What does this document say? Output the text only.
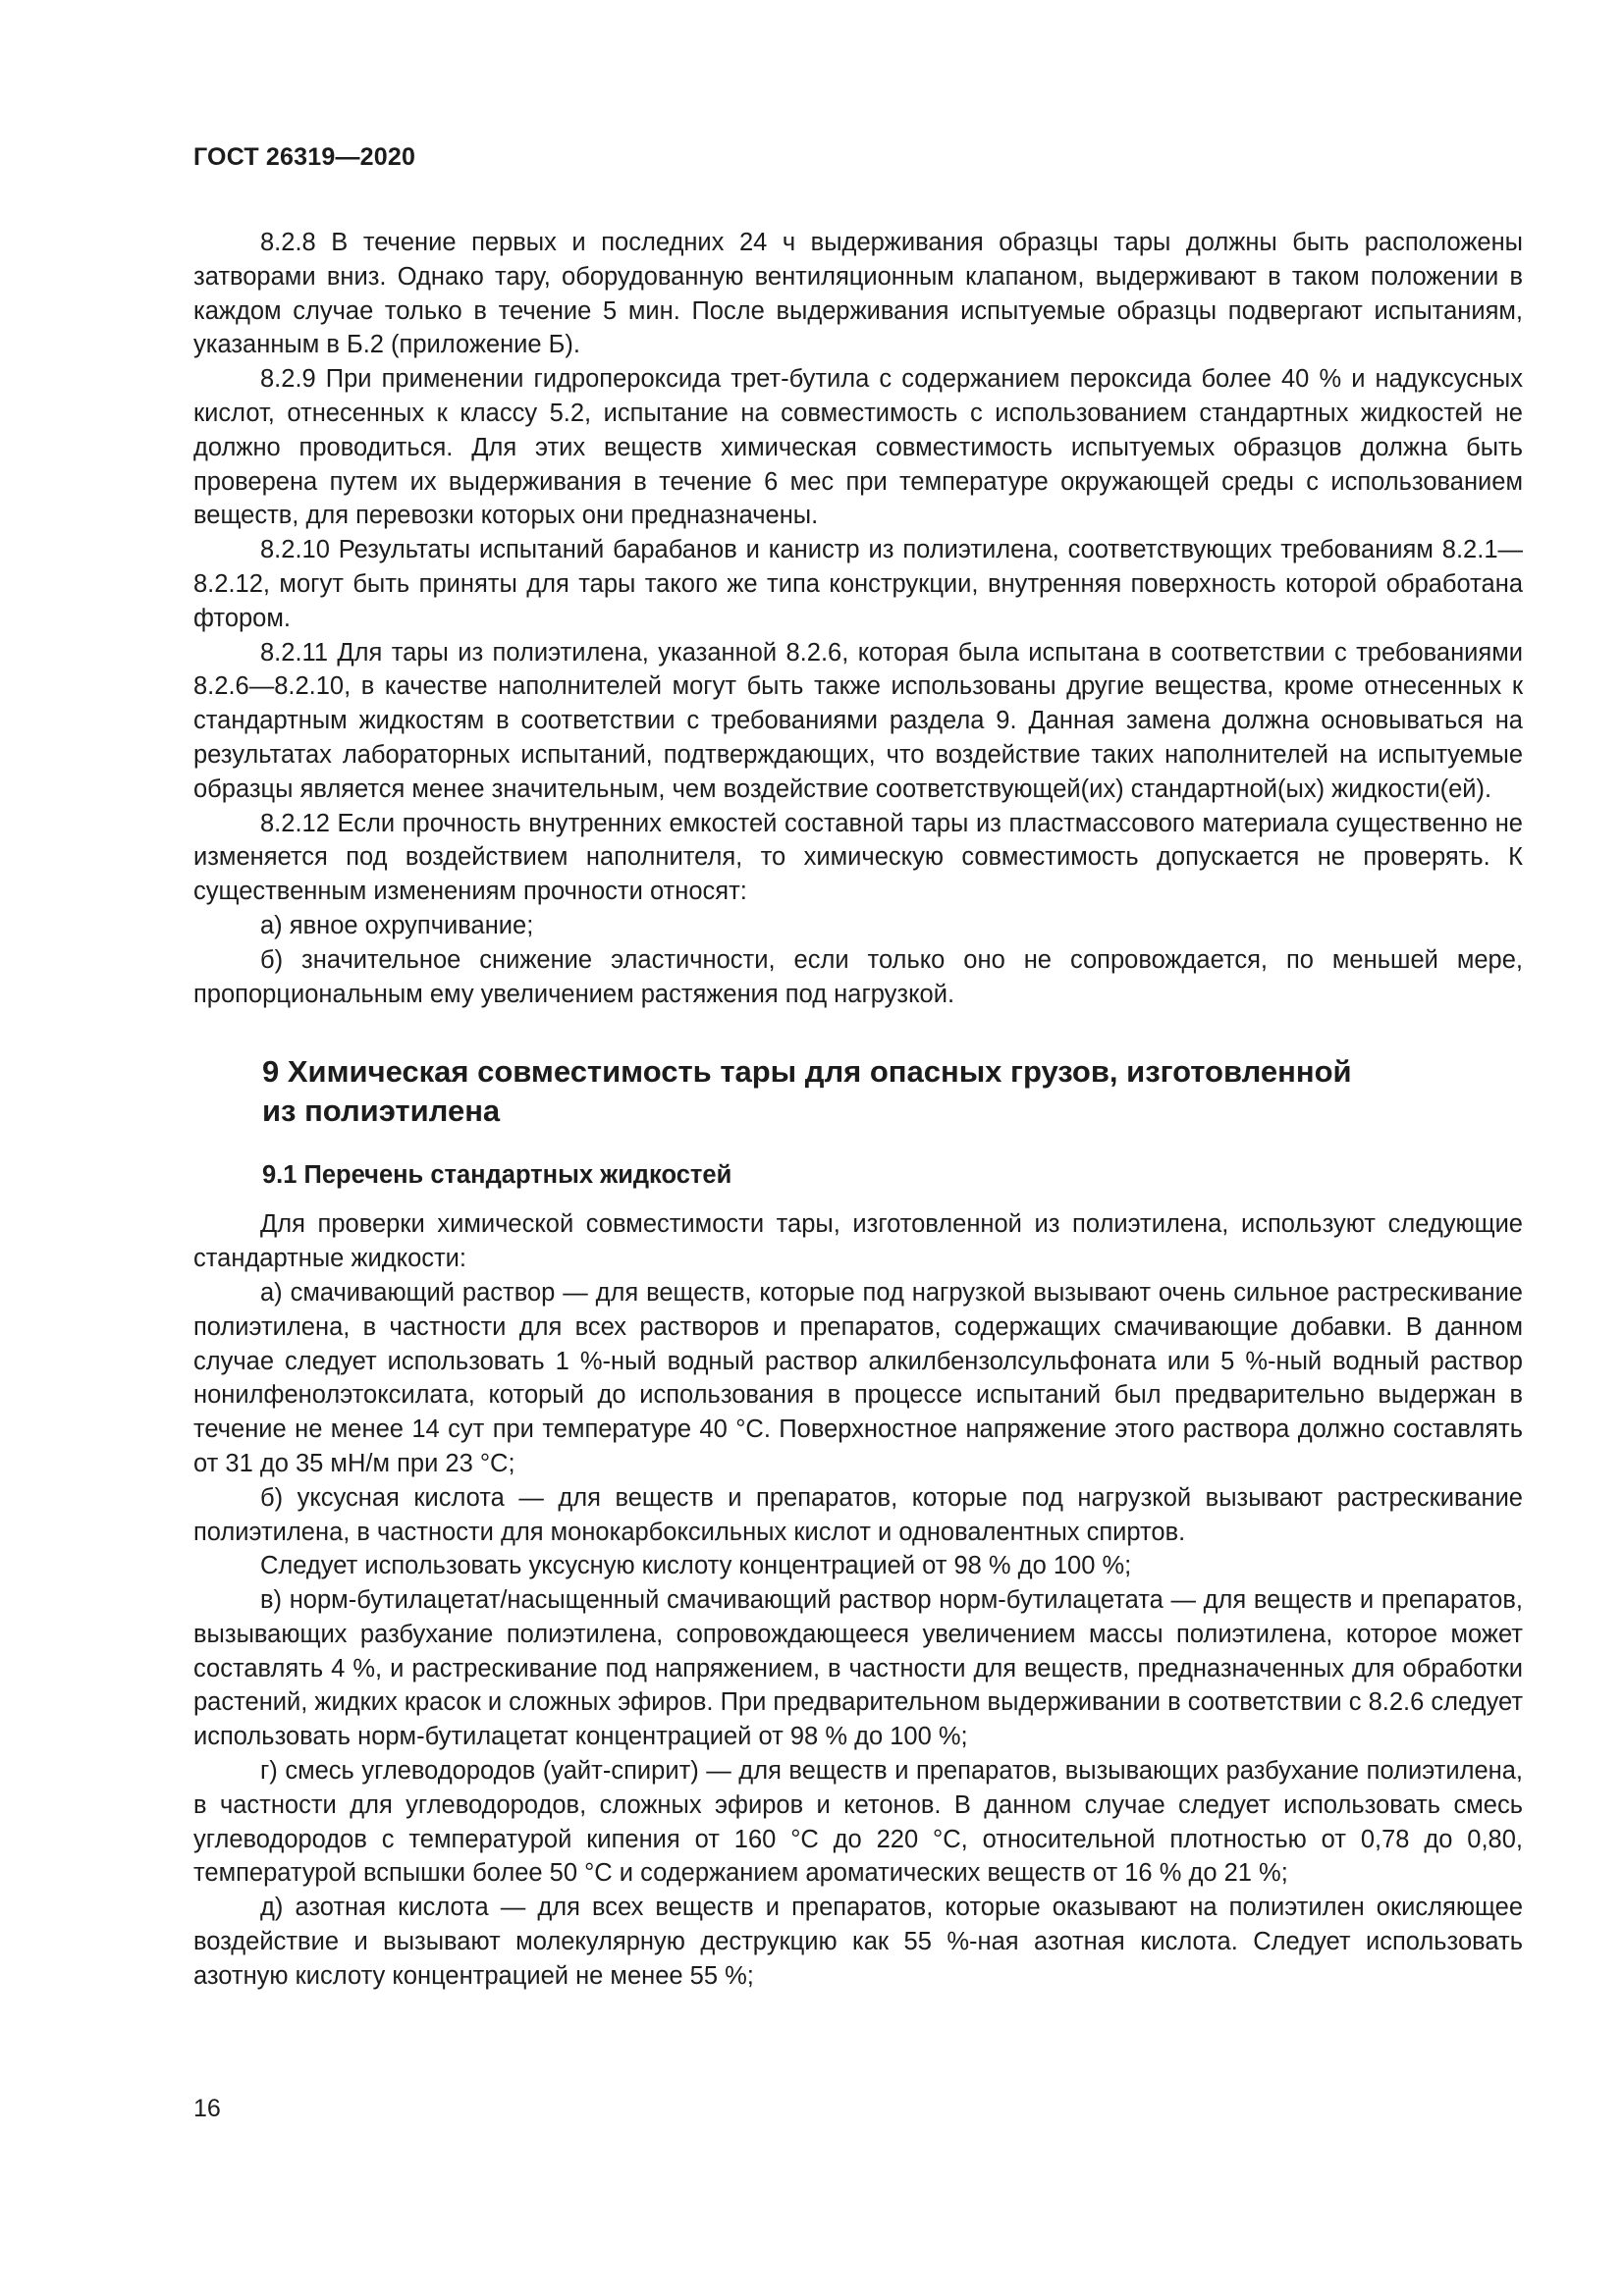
ГОСТ 26319—2020

8.2.8 В течение первых и последних 24 ч выдерживания образцы тары должны быть расположены затворами вниз. Однако тару, оборудованную вентиляционным клапаном, выдерживают в таком положении в каждом случае только в течение 5 мин. После выдерживания испытуемые образцы подвергают испытаниям, указанным в Б.2 (приложение Б).

8.2.9 При применении гидропероксида трет-бутила с содержанием пероксида более 40 % и надуксусных кислот, отнесенных к классу 5.2, испытание на совместимость с использованием стандартных жидкостей не должно проводиться. Для этих веществ химическая совместимость испытуемых образцов должна быть проверена путем их выдерживания в течение 6 мес при температуре окружающей среды с использованием веществ, для перевозки которых они предназначены.

8.2.10 Результаты испытаний барабанов и канистр из полиэтилена, соответствующих требованиям 8.2.1—8.2.12, могут быть приняты для тары такого же типа конструкции, внутренняя поверхность которой обработана фтором.

8.2.11 Для тары из полиэтилена, указанной 8.2.6, которая была испытана в соответствии с требованиями 8.2.6—8.2.10, в качестве наполнителей могут быть также использованы другие вещества, кроме отнесенных к стандартным жидкостям в соответствии с требованиями раздела 9. Данная замена должна основываться на результатах лабораторных испытаний, подтверждающих, что воздействие таких наполнителей на испытуемые образцы является менее значительным, чем воздействие соответствующей(их) стандартной(ых) жидкости(ей).

8.2.12 Если прочность внутренних емкостей составной тары из пластмассового материала существенно не изменяется под воздействием наполнителя, то химическую совместимость допускается не проверять. К существенным изменениям прочности относят:

а) явное охрупчивание;

б) значительное снижение эластичности, если только оно не сопровождается, по меньшей мере, пропорциональным ему увеличением растяжения под нагрузкой.

9 Химическая совместимость тары для опасных грузов, изготовленной из полиэтилена
9.1 Перечень стандартных жидкостей

Для проверки химической совместимости тары, изготовленной из полиэтилена, используют следующие стандартные жидкости:

а) смачивающий раствор — для веществ, которые под нагрузкой вызывают очень сильное растрескивание полиэтилена, в частности для всех растворов и препаратов, содержащих смачивающие добавки. В данном случае следует использовать 1 %-ный водный раствор алкилбензолсульфоната или 5 %-ный водный раствор нонилфенолэтоксилата, который до использования в процессе испытаний был предварительно выдержан в течение не менее 14 сут при температуре 40 °С. Поверхностное напряжение этого раствора должно составлять от 31 до 35 мН/м при 23 °С;

б) уксусная кислота — для веществ и препаратов, которые под нагрузкой вызывают растрескивание полиэтилена, в частности для монокарбоксильных кислот и одновалентных спиртов.

Следует использовать уксусную кислоту концентрацией от 98 % до 100 %;

в) норм-бутилацетат/насыщенный смачивающий раствор норм-бутилацетата — для веществ и препаратов, вызывающих разбухание полиэтилена, сопровождающееся увеличением массы полиэтилена, которое может составлять 4 %, и растрескивание под напряжением, в частности для веществ, предназначенных для обработки растений, жидких красок и сложных эфиров. При предварительном выдерживании в соответствии с 8.2.6 следует использовать норм-бутилацетат концентрацией от 98 % до 100 %;

г) смесь углеводородов (уайт-спирит) — для веществ и препаратов, вызывающих разбухание полиэтилена, в частности для углеводородов, сложных эфиров и кетонов. В данном случае следует использовать смесь углеводородов с температурой кипения от 160 °С до 220 °С, относительной плотностью от 0,78 до 0,80, температурой вспышки более 50 °С и содержанием ароматических веществ от 16 % до 21 %;

д) азотная кислота — для всех веществ и препаратов, которые оказывают на полиэтилен окисляющее воздействие и вызывают молекулярную деструкцию как 55 %-ная азотная кислота. Следует использовать азотную кислоту концентрацией не менее 55 %;

16
